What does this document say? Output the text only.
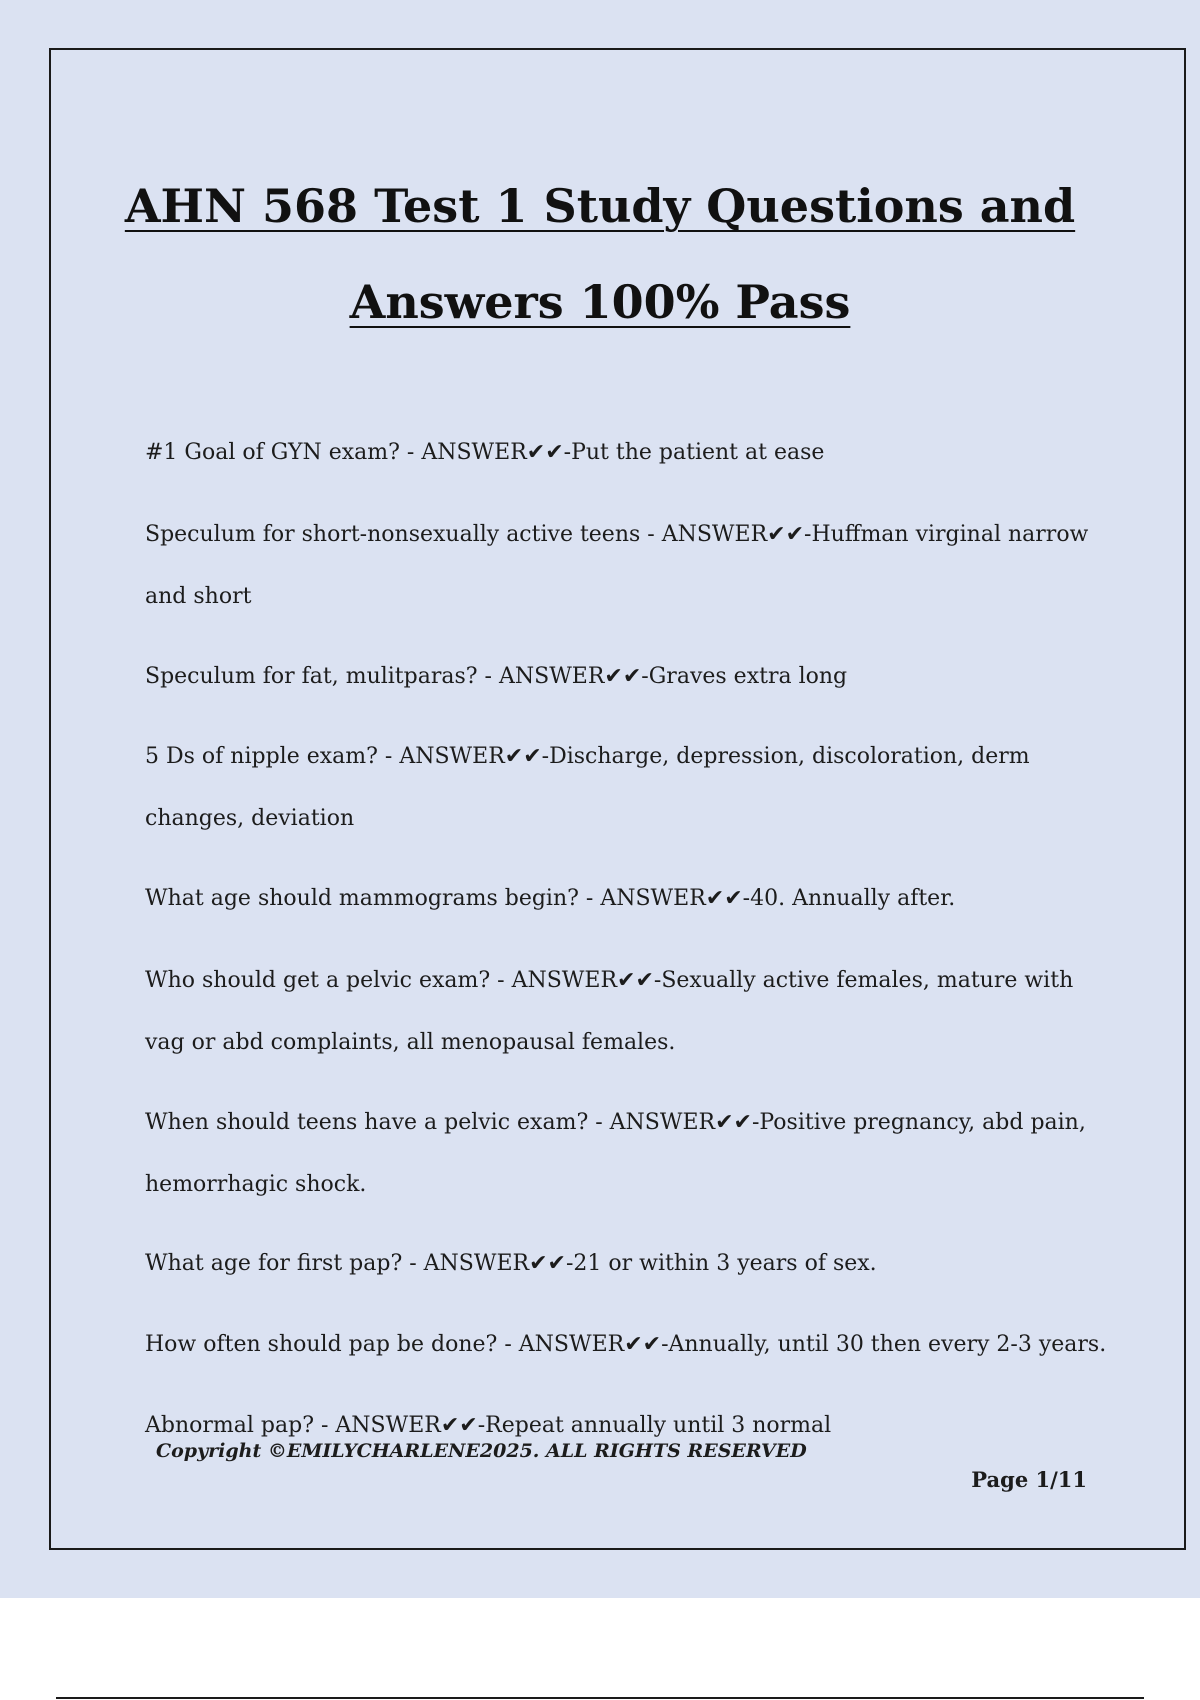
AHN 568 Test 1 Study Questions and
Answers 100% Pass
#1 Goal of GYN exam? - ANSWER✔✔-Put the patient at ease
Speculum for short-nonsexually active teens - ANSWER✔✔-Huffman virginal narrow and short
Speculum for fat, mulitparas? - ANSWER✔✔-Graves extra long
5 Ds of nipple exam? - ANSWER✔✔-Discharge, depression, discoloration, derm changes, deviation
What age should mammograms begin? - ANSWER✔✔-40. Annually after.
Who should get a pelvic exam? - ANSWER✔✔-Sexually active females, mature with vag or abd complaints, all menopausal females.
When should teens have a pelvic exam? - ANSWER✔✔-Positive pregnancy, abd pain, hemorrhagic shock.
What age for first pap? - ANSWER✔✔-21 or within 3 years of sex.
How often should pap be done? - ANSWER✔✔-Annually, until 30 then every 2-3 years.
Abnormal pap? - ANSWER✔✔-Repeat annually until 3 normal
Copyright ©EMILYCHARLENE2025. ALL RIGHTS RESERVED
Page 1/11
